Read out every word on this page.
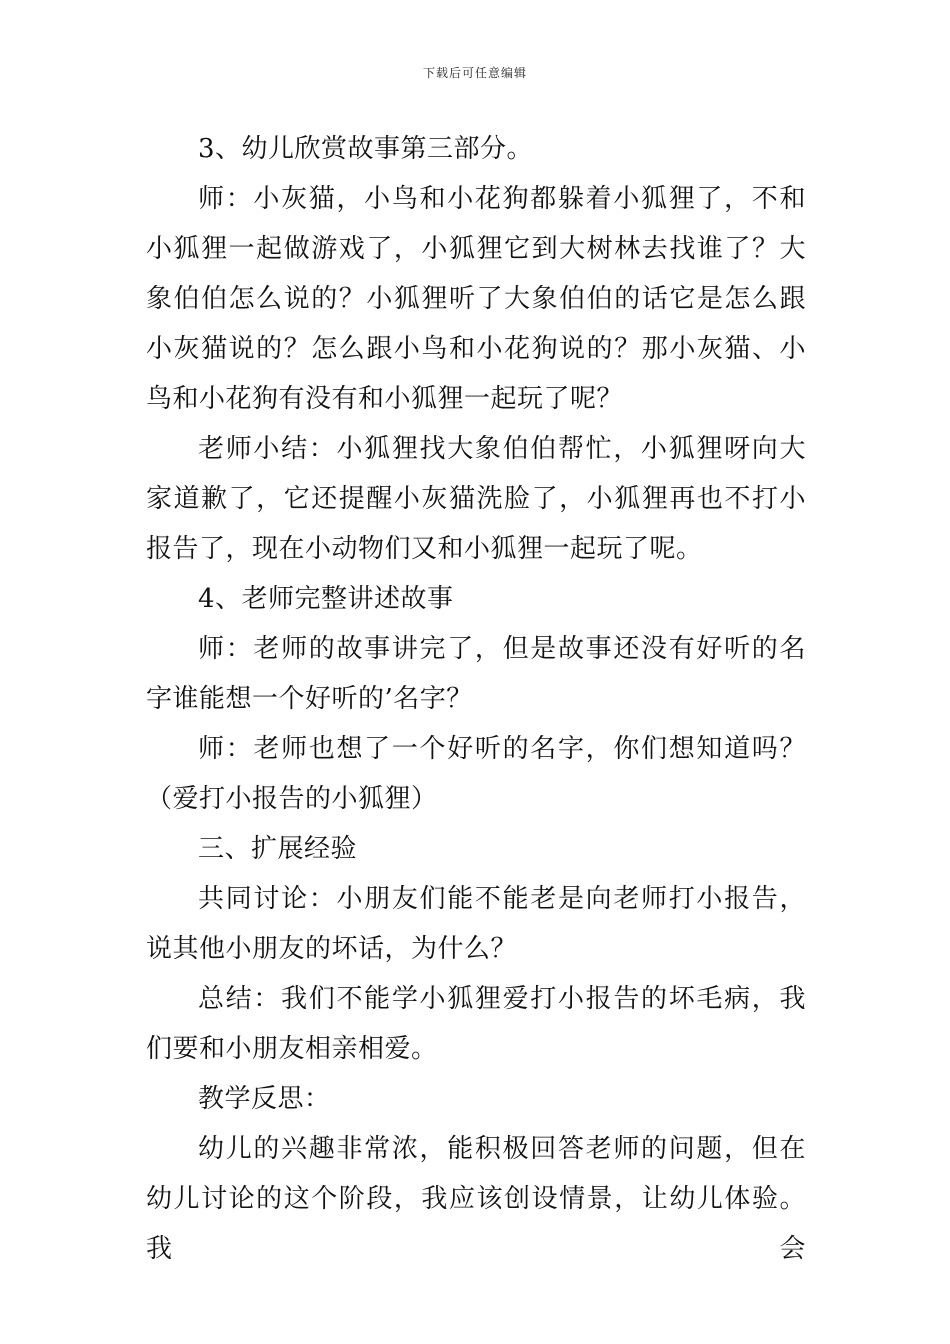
下载后可任意编辑

3、幼儿欣赏故事第三部分。

师：小灰猫，小鸟和小花狗都躲着小狐狸了，不和小狐狸一起做游戏了，小狐狸它到大树林去找谁了？大象伯伯怎么说的？小狐狸听了大象伯伯的话它是怎么跟小灰猫说的？怎么跟小鸟和小花狗说的？那小灰猫、小鸟和小花狗有没有和小狐狸一起玩了呢？

老师小结：小狐狸找大象伯伯帮忙，小狐狸呀向大家道歉了，它还提醒小灰猫洗脸了，小狐狸再也不打小报告了，现在小动物们又和小狐狸一起玩了呢。

4、老师完整讲述故事

师：老师的故事讲完了，但是故事还没有好听的名字谁能想一个好听的’名字？

师：老师也想了一个好听的名字，你们想知道吗？（爱打小报告的小狐狸）

三、扩展经验

共同讨论：小朋友们能不能老是向老师打小报告，说其他小朋友的坏话，为什么？

总结：我们不能学小狐狸爱打小报告的坏毛病，我们要和小朋友相亲相爱。

教学反思：

幼儿的兴趣非常浓，能积极回答老师的问题，但在幼儿讨论的这个阶段，我应该创设情景，让幼儿体验。我会
